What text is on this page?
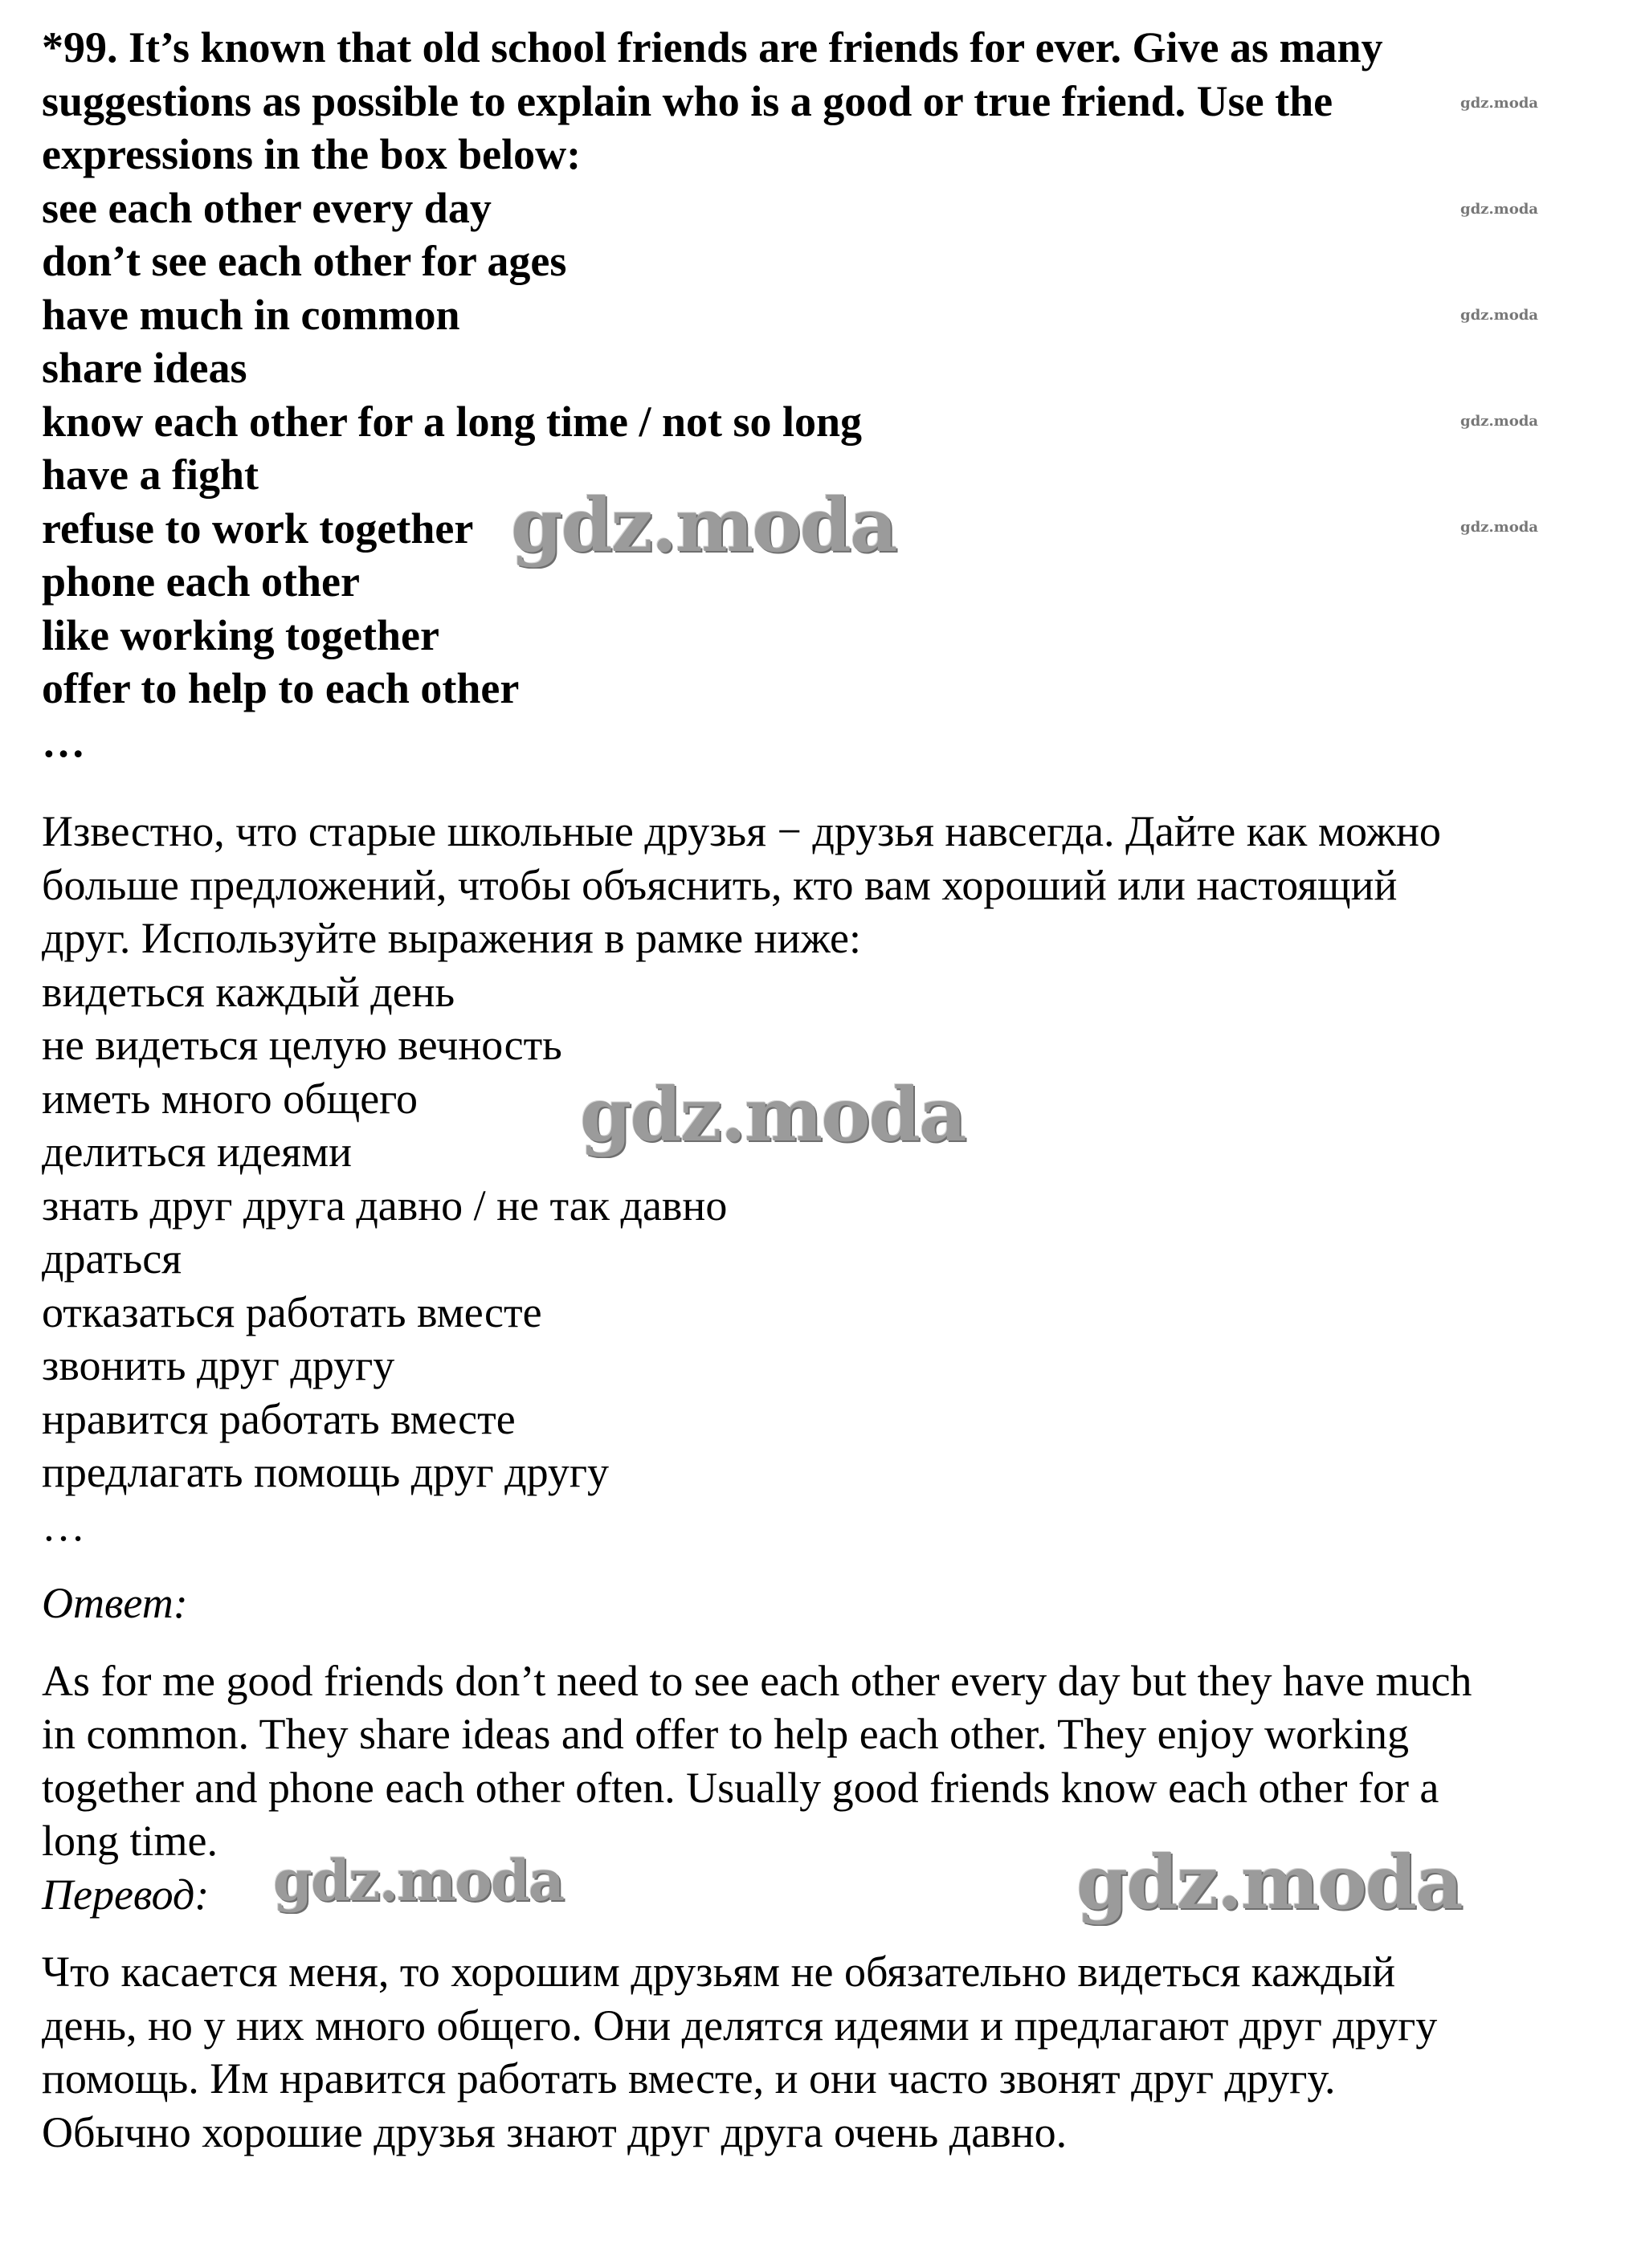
*99. It’s known that old school friends are friends for ever. Give as many
suggestions as possible to explain who is a good or true friend. Use the
expressions in the box below:
see each other every day
don’t see each other for ages
have much in common
share ideas
know each other for a long time / not so long
have a fight
refuse to work together
phone each other
like working together
offer to help to each other
…
Известно, что старые школьные друзья − друзья навсегда. Дайте как можно
больше предложений, чтобы объяснить, кто вам хороший или настоящий
друг. Используйте выражения в рамке ниже:
видеться каждый день
не видеться целую вечность
иметь много общего
делиться идеями
знать друг друга давно / не так давно
драться
отказаться работать вместе
звонить друг другу
нравится работать вместе
предлагать помощь друг другу
…
Ответ:
As for me good friends don’t need to see each other every day but they have much
in common. They share ideas and offer to help each other. They enjoy working
together and phone each other often. Usually good friends know each other for a
long time.
Перевод:
Что касается меня, то хорошим друзьям не обязательно видеться каждый
день, но у них много общего. Они делятся идеями и предлагают друг другу
помощь. Им нравится работать вместе, и они часто звонят друг другу.
Обычно хорошие друзья знают друг друга очень давно.
gdz.moda
gdz.moda
gdz.moda	gdz.moda
gdz.moda
gdz.moda
gdz.moda
gdz.moda
gdz.moda
